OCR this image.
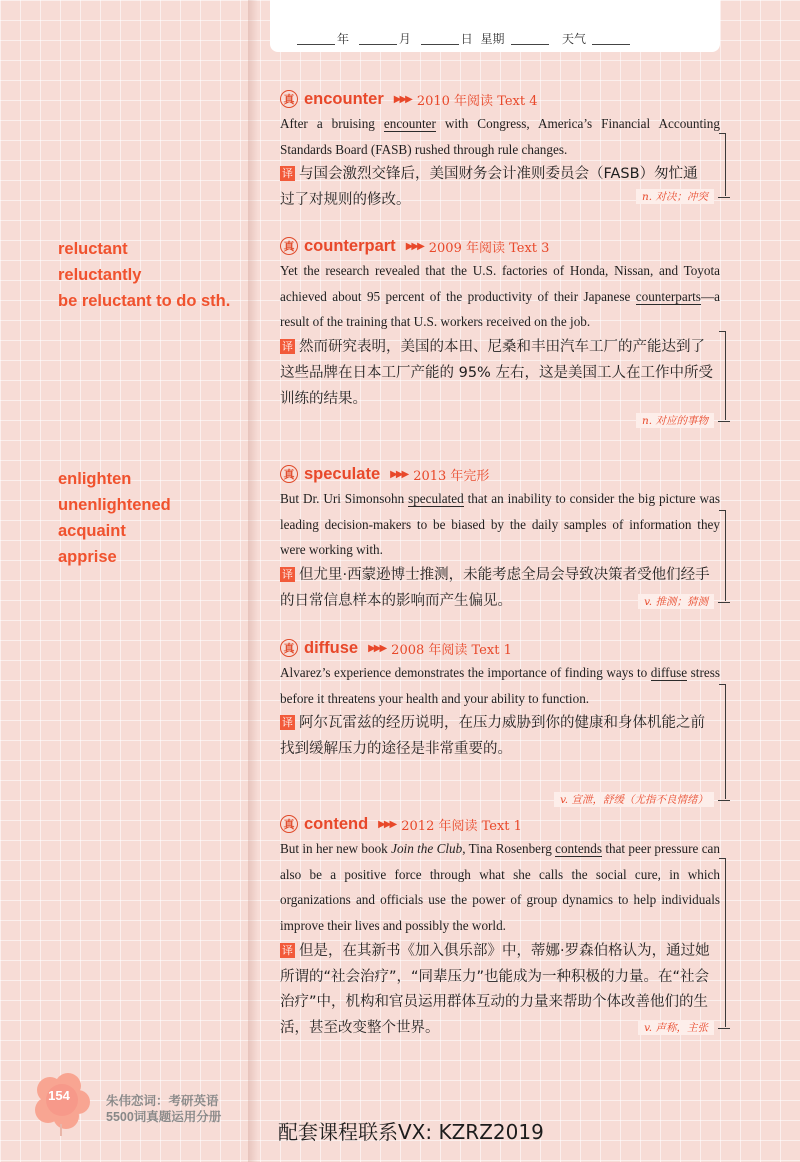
年	月	日 星期	天气
reluctant
reluctantly
be reluctant to do sth.
enlighten
unenlightened
acquaint
apprise
真 encounter ▶▶▶ 2010 年阅读 Text 4
After a bruising encounter with Congress, America’s Financial Accounting Standards Board (FASB) rushed through rule changes.
译 与国会激烈交锋后，美国财务会计准则委员会（FASB）匆忙通过了对规则的修改。	n. 对决；冲突
真 counterpart ▶▶▶ 2009 年阅读 Text 3
Yet the research revealed that the U.S. factories of Honda, Nissan, and Toyota achieved about 95 percent of the productivity of their Japanese counterparts—a result of the training that U.S. workers received on the job.
译 然而研究表明，美国的本田、尼桑和丰田汽车工厂的产能达到了这些品牌在日本工厂产能的 95% 左右，这是美国工人在工作中所受训练的结果。
n. 对应的事物
真 speculate ▶▶▶ 2013 年完形
But Dr. Uri Simonsohn speculated that an inability to consider the big picture was leading decision-makers to be biased by the daily samples of information they were working with.
译 但尤里·西蒙逊博士推测，未能考虑全局会导致决策者受他们经手的日常信息样本的影响而产生偏见。	v. 推测；猜测
真 diffuse ▶▶▶ 2008 年阅读 Text 1
Alvarez’s experience demonstrates the importance of finding ways to diffuse stress before it threatens your health and your ability to function.
译 阿尔瓦雷兹的经历说明，在压力威胁到你的健康和身体机能之前找到缓解压力的途径是非常重要的。
v. 宣泄，舒缓（尤指不良情绪）
真 contend ▶▶▶ 2012 年阅读 Text 1
But in her new book Join the Club, Tina Rosenberg contends that peer pressure can also be a positive force through what she calls the social cure, in which organizations and officials use the power of group dynamics to help individuals improve their lives and possibly the world.
译 但是，在其新书《加入俱乐部》中，蒂娜·罗森伯格认为，通过她所谓的“社会治疗”，“同辈压力”也能成为一种积极的力量。在“社会治疗”中，机构和官员运用群体互动的力量来帮助个体改善他们的生活，甚至改变整个世界。	v. 声称，主张
154	朱伟恋词：考研英语
5500词真题运用分册
配套课程联系VX: KZRZ2019
